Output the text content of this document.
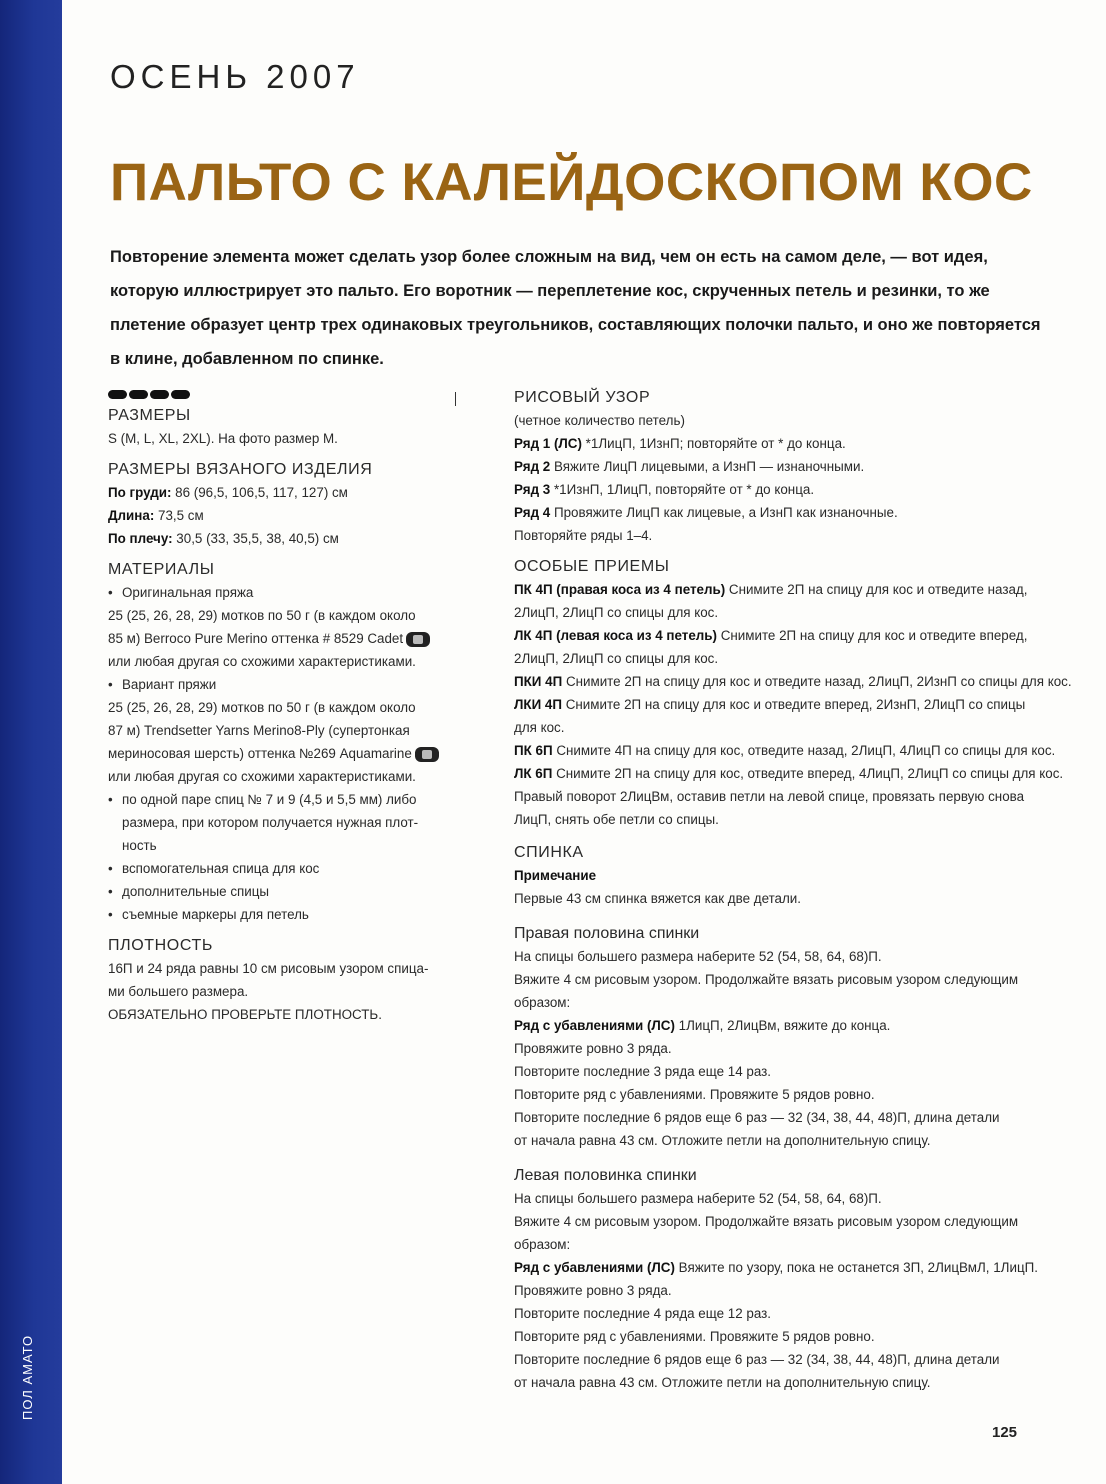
ПОЛ АМАТО
ОСЕНЬ 2007
ПАЛЬТО С КАЛЕЙДОСКОПОМ КОС

Повторение элемента может сделать узор более сложным на вид, чем он есть на самом деле, — вот идея, которую иллюстрирует это пальто. Его воротник — переплетение кос, скрученных петель и резинки, то же плетение образует центр трех одинаковых треугольников, составляющих полочки пальто, и оно же повторяется в клине, добавленном по спинке.

РАЗМЕРЫ
S (M, L, XL, 2XL). На фото размер M.
РАЗМЕРЫ ВЯЗАНОГО ИЗДЕЛИЯ
По груди: 86 (96,5, 106,5, 117, 127) см
Длина: 73,5 см
По плечу: 30,5 (33, 35,5, 38, 40,5) см
МАТЕРИАЛЫ
• Оригинальная пряжа
25 (25, 26, 28, 29) мотков по 50 г (в каждом около
85 м) Berroco Pure Merino оттенка # 8529 Cadet
или любая другая со схожими характеристиками.
• Вариант пряжи
25 (25, 26, 28, 29) мотков по 50 г (в каждом около
87 м) Trendsetter Yarns Merino8-Ply (супертонкая
мериносовая шерсть) оттенка №269 Aquamarine
или любая другая со схожими характеристиками.
• по одной паре спиц № 7 и 9 (4,5 и 5,5 мм) либо
размера, при котором получается нужная плот-
ность
• вспомогательная спица для кос
• дополнительные спицы
• съемные маркеры для петель
ПЛОТНОСТЬ
16П и 24 ряда равны 10 см рисовым узором спица-
ми большего размера.
ОБЯЗАТЕЛЬНО ПРОВЕРЬТЕ ПЛОТНОСТЬ.
РИСОВЫЙ УЗОР
(четное количество петель)
Ряд 1 (ЛС) *1ЛицП, 1ИзнП; повторяйте от * до конца.
Ряд 2 Вяжите ЛицП лицевыми, а ИзнП — изнаночными.
Ряд 3 *1ИзнП, 1ЛицП, повторяйте от * до конца.
Ряд 4 Провяжите ЛицП как лицевые, а ИзнП как изнаночные.
Повторяйте ряды 1–4.
ОСОБЫЕ ПРИЕМЫ
ПК 4П (правая коса из 4 петель) Снимите 2П на спицу для кос и отведите назад,
2ЛицП, 2ЛицП со спицы для кос.
ЛК 4П (левая коса из 4 петель) Снимите 2П на спицу для кос и отведите вперед,
2ЛицП, 2ЛицП со спицы для кос.
ПКИ 4П Снимите 2П на спицу для кос и отведите назад, 2ЛицП, 2ИзнП со спицы для кос.
ЛКИ 4П Снимите 2П на спицу для кос и отведите вперед, 2ИзнП, 2ЛицП со спицы
для кос.
ПК 6П Снимите 4П на спицу для кос, отведите назад, 2ЛицП, 4ЛицП со спицы для кос.
ЛК 6П Снимите 2П на спицу для кос, отведите вперед, 4ЛицП, 2ЛицП со спицы для кос.
Правый поворот 2ЛицВм, оставив петли на левой спице, провязать первую снова
ЛицП, снять обе петли со спицы.
СПИНКА
Примечание
Первые 43 см спинка вяжется как две детали.
Правая половина спинки
На спицы большего размера наберите 52 (54, 58, 64, 68)П.
Вяжите 4 см рисовым узором. Продолжайте вязать рисовым узором следующим
образом:
Ряд с убавлениями (ЛС) 1ЛицП, 2ЛицВм, вяжите до конца.
Провяжите ровно 3 ряда.
Повторите последние 3 ряда еще 14 раз.
Повторите ряд с убавлениями. Провяжите 5 рядов ровно.
Повторите последние 6 рядов еще 6 раз — 32 (34, 38, 44, 48)П, длина детали
от начала равна 43 см. Отложите петли на дополнительную спицу.
Левая половинка спинки
На спицы большего размера наберите 52 (54, 58, 64, 68)П.
Вяжите 4 см рисовым узором. Продолжайте вязать рисовым узором следующим
образом:
Ряд с убавлениями (ЛС) Вяжите по узору, пока не останется 3П, 2ЛицВмЛ, 1ЛицП.
Провяжите ровно 3 ряда.
Повторите последние 4 ряда еще 12 раз.
Повторите ряд с убавлениями. Провяжите 5 рядов ровно.
Повторите последние 6 рядов еще 6 раз — 32 (34, 38, 44, 48)П, длина детали
от начала равна 43 см. Отложите петли на дополнительную спицу.
125
